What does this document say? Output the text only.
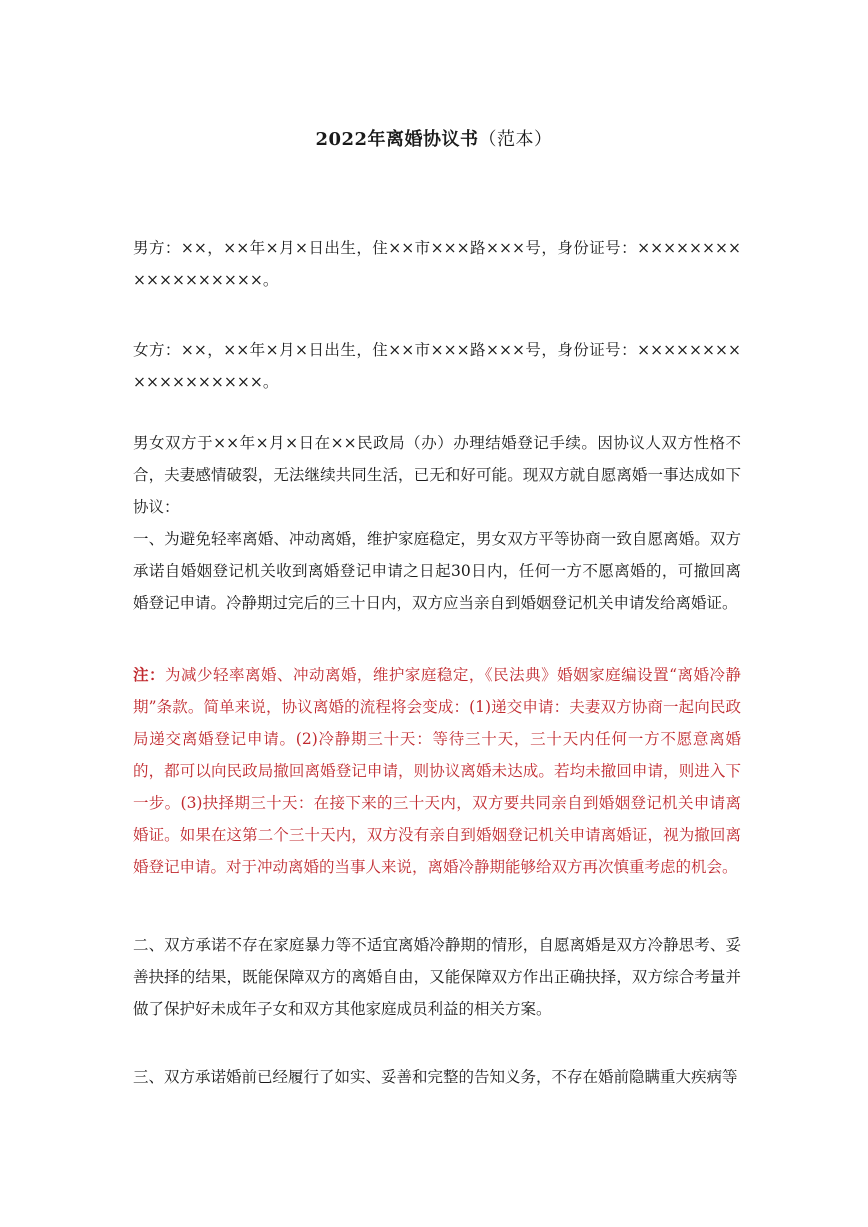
2022年离婚协议书（范本）

男方：××，××年×月×日出生，住××市×××路×××号，身份证号：××××××××××××××××××。

女方：××，××年×月×日出生，住××市×××路×××号，身份证号：××××××××××××××××××。

男女双方于××年×月×日在××民政局（办）办理结婚登记手续。因协议人双方性格不合，夫妻感情破裂，无法继续共同生活，已无和好可能。现双方就自愿离婚一事达成如下协议：

一、为避免轻率离婚、冲动离婚，维护家庭稳定，男女双方平等协商一致自愿离婚。双方承诺自婚姻登记机关收到离婚登记申请之日起30日内，任何一方不愿离婚的，可撤回离婚登记申请。冷静期过完后的三十日内，双方应当亲自到婚姻登记机关申请发给离婚证。

注：为减少轻率离婚、冲动离婚，维护家庭稳定，《民法典》婚姻家庭编设置“离婚冷静期”条款。简单来说，协议离婚的流程将会变成：(1)递交申请：夫妻双方协商一起向民政局递交离婚登记申请。(2)冷静期三十天：等待三十天，三十天内任何一方不愿意离婚的，都可以向民政局撤回离婚登记申请，则协议离婚未达成。若均未撤回申请，则进入下一步。(3)抉择期三十天：在接下来的三十天内，双方要共同亲自到婚姻登记机关申请离婚证。如果在这第二个三十天内，双方没有亲自到婚姻登记机关申请离婚证，视为撤回离婚登记申请。对于冲动离婚的当事人来说，离婚冷静期能够给双方再次慎重考虑的机会。

二、双方承诺不存在家庭暴力等不适宜离婚冷静期的情形，自愿离婚是双方冷静思考、妥善抉择的结果，既能保障双方的离婚自由，又能保障双方作出正确抉择，双方综合考量并做了保护好未成年子女和双方其他家庭成员利益的相关方案。

三、双方承诺婚前已经履行了如实、妥善和完整的告知义务，不存在婚前隐瞒重大疾病等
